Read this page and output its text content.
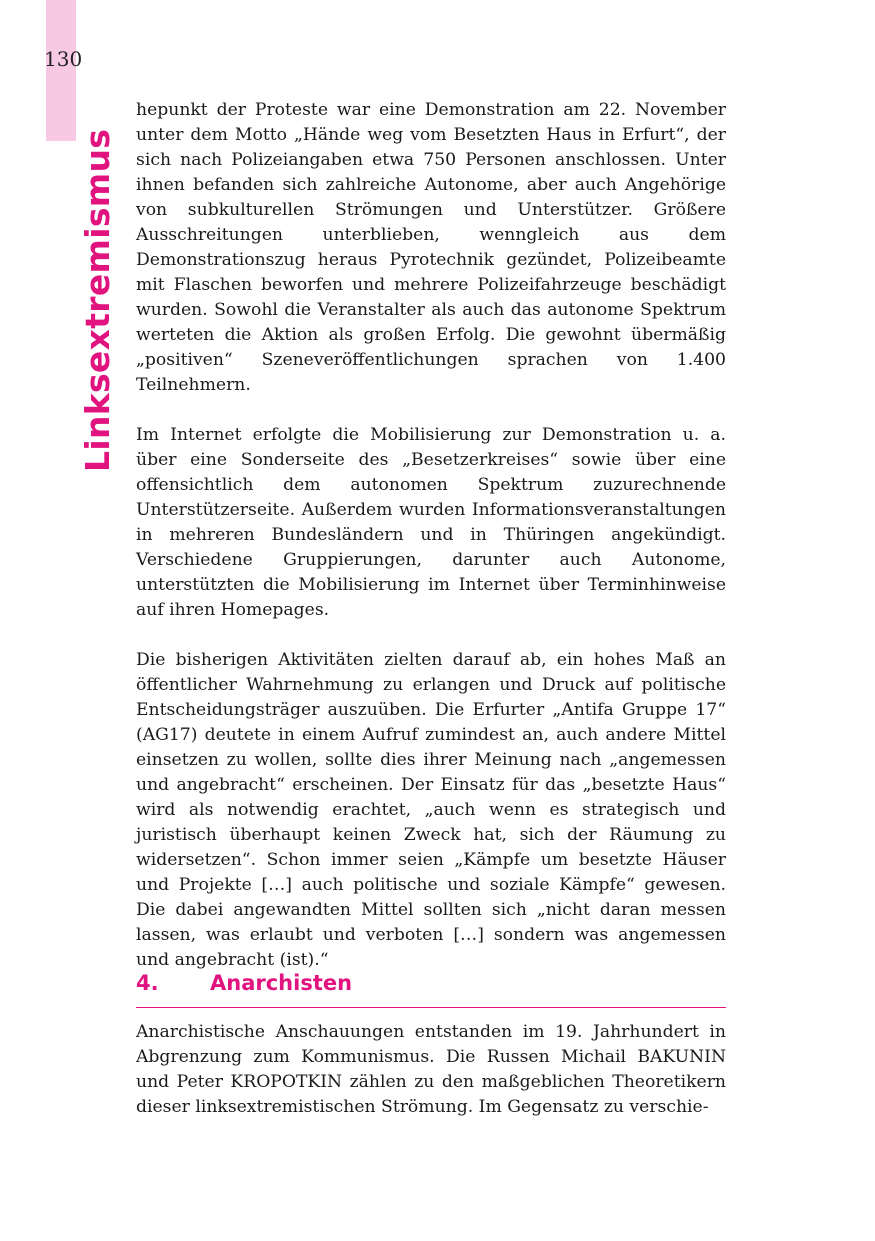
130
Linksextremismus

hepunkt der Proteste war eine Demonstration am 22. November unter dem Motto „Hände weg vom Besetzten Haus in Erfurt“, der sich nach Polizeiangaben etwa 750 Personen anschlossen. Unter ihnen befanden sich zahlreiche Autonome, aber auch Angehörige von subkulturellen Strömungen und Unterstützer. Größere Ausschreitungen unterblieben, wenngleich aus dem Demonstrationszug heraus Pyrotechnik gezündet, Polizeibeamte mit Flaschen beworfen und mehrere Polizeifahrzeuge beschädigt wurden. Sowohl die Veranstalter als auch das autonome Spektrum werteten die Aktion als großen Erfolg. Die gewohnt übermäßig „positiven“ Szeneveröffentlichungen sprachen von 1.400 Teilnehmern.

Im Internet erfolgte die Mobilisierung zur Demonstration u. a. über eine Sonderseite des „Besetzerkreises“ sowie über eine offensichtlich dem autonomen Spektrum zuzurechnende Unterstützerseite. Außerdem wurden Informationsveranstaltungen in mehreren Bundesländern und in Thüringen angekündigt. Verschiedene Gruppierungen, darunter auch Autonome, unterstützten die Mobilisierung im Internet über Terminhinweise auf ihren Homepages.

Die bisherigen Aktivitäten zielten darauf ab, ein hohes Maß an öffentlicher Wahrnehmung zu erlangen und Druck auf politische Entscheidungsträger auszuüben. Die Erfurter „Antifa Gruppe 17“ (AG17) deutete in einem Aufruf zumindest an, auch andere Mittel einsetzen zu wollen, sollte dies ihrer Meinung nach „angemessen und angebracht“ erscheinen. Der Einsatz für das „besetzte Haus“ wird als notwendig erachtet, „auch wenn es strategisch und juristisch überhaupt keinen Zweck hat, sich der Räumung zu widersetzen“. Schon immer seien „Kämpfe um besetzte Häuser und Projekte […] auch politische und soziale Kämpfe“ gewesen. Die dabei angewandten Mittel sollten sich „nicht daran messen lassen, was erlaubt und verboten […] sondern was angemessen und angebracht (ist).“

4. Anarchisten

Anarchistische Anschauungen entstanden im 19. Jahrhundert in Abgrenzung zum Kommunismus. Die Russen Michail BAKUNIN und Peter KROPOTKIN zählen zu den maßgeblichen Theoretikern dieser linksextremistischen Strömung. Im Gegensatz zu verschie-
